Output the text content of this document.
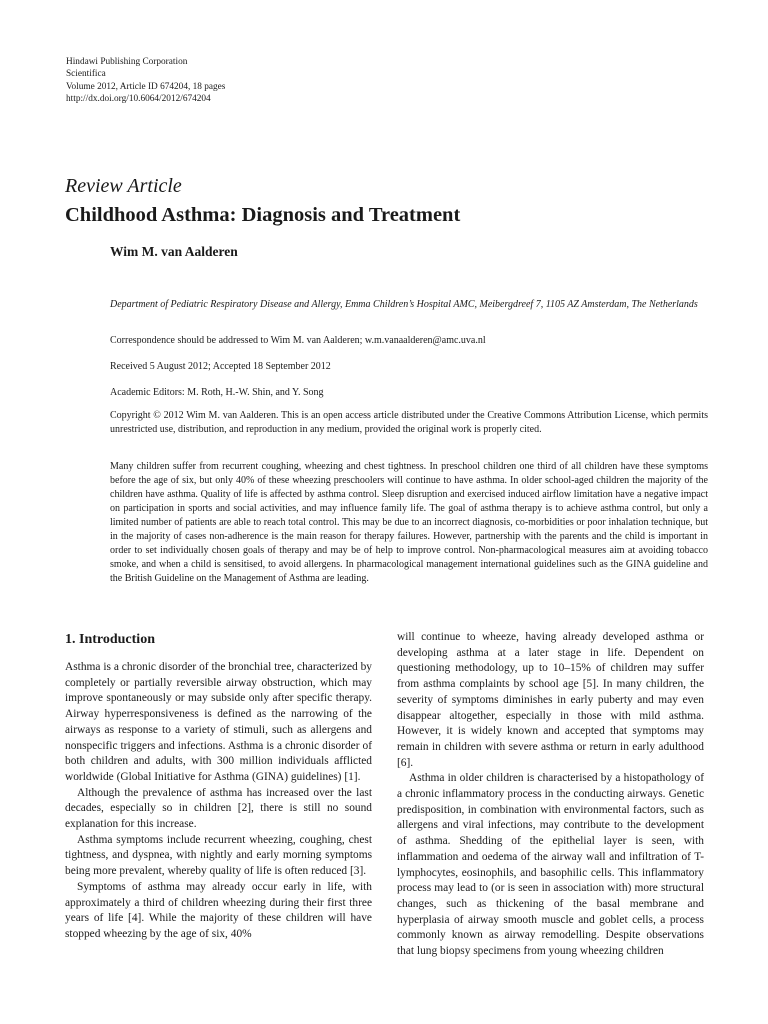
Hindawi Publishing Corporation
Scientifica
Volume 2012, Article ID 674204, 18 pages
http://dx.doi.org/10.6064/2012/674204
Review Article
Childhood Asthma: Diagnosis and Treatment
Wim M. van Aalderen
Department of Pediatric Respiratory Disease and Allergy, Emma Children’s Hospital AMC, Meibergdreef 7, 1105 AZ Amsterdam, The Netherlands
Correspondence should be addressed to Wim M. van Aalderen; w.m.vanaalderen@amc.uva.nl
Received 5 August 2012; Accepted 18 September 2012
Academic Editors: M. Roth, H.-W. Shin, and Y. Song
Copyright © 2012 Wim M. van Aalderen. This is an open access article distributed under the Creative Commons Attribution License, which permits unrestricted use, distribution, and reproduction in any medium, provided the original work is properly cited.
Many children suffer from recurrent coughing, wheezing and chest tightness. In preschool children one third of all children have these symptoms before the age of six, but only 40% of these wheezing preschoolers will continue to have asthma. In older school-aged children the majority of the children have asthma. Quality of life is affected by asthma control. Sleep disruption and exercised induced airflow limitation have a negative impact on participation in sports and social activities, and may influence family life. The goal of asthma therapy is to achieve asthma control, but only a limited number of patients are able to reach total control. This may be due to an incorrect diagnosis, co-morbidities or poor inhalation technique, but in the majority of cases non-adherence is the main reason for therapy failures. However, partnership with the parents and the child is important in order to set individually chosen goals of therapy and may be of help to improve control. Non-pharmacological measures aim at avoiding tobacco smoke, and when a child is sensitised, to avoid allergens. In pharmacological management international guidelines such as the GINA guideline and the British Guideline on the Management of Asthma are leading.
1. Introduction

Asthma is a chronic disorder of the bronchial tree, characterized by completely or partially reversible airway obstruction, which may improve spontaneously or may subside only after specific therapy. Airway hyperresponsiveness is defined as the narrowing of the airways as response to a variety of stimuli, such as allergens and nonspecific triggers and infections. Asthma is a chronic disorder of both children and adults, with 300 million individuals afflicted worldwide (Global Initiative for Asthma (GINA) guidelines) [1].

Although the prevalence of asthma has increased over the last decades, especially so in children [2], there is still no sound explanation for this increase.

Asthma symptoms include recurrent wheezing, coughing, chest tightness, and dyspnea, with nightly and early morning symptoms being more prevalent, whereby quality of life is often reduced [3].

Symptoms of asthma may already occur early in life, with approximately a third of children wheezing during their first three years of life [4]. While the majority of these children will have stopped wheezing by the age of six, 40%

will continue to wheeze, having already developed asthma or developing asthma at a later stage in life. Dependent on questioning methodology, up to 10–15% of children may suffer from asthma complaints by school age [5]. In many children, the severity of symptoms diminishes in early puberty and may even disappear altogether, especially in those with mild asthma. However, it is widely known and accepted that symptoms may remain in children with severe asthma or return in early adulthood [6].

Asthma in older children is characterised by a histopathology of a chronic inflammatory process in the conducting airways. Genetic predisposition, in combination with environmental factors, such as allergens and viral infections, may contribute to the development of asthma. Shedding of the epithelial layer is seen, with inflammation and oedema of the airway wall and infiltration of T-lymphocytes, eosinophils, and basophilic cells. This inflammatory process may lead to (or is seen in association with) more structural changes, such as thickening of the basal membrane and hyperplasia of airway smooth muscle and goblet cells, a process commonly known as airway remodelling. Despite observations that lung biopsy specimens from young wheezing children
